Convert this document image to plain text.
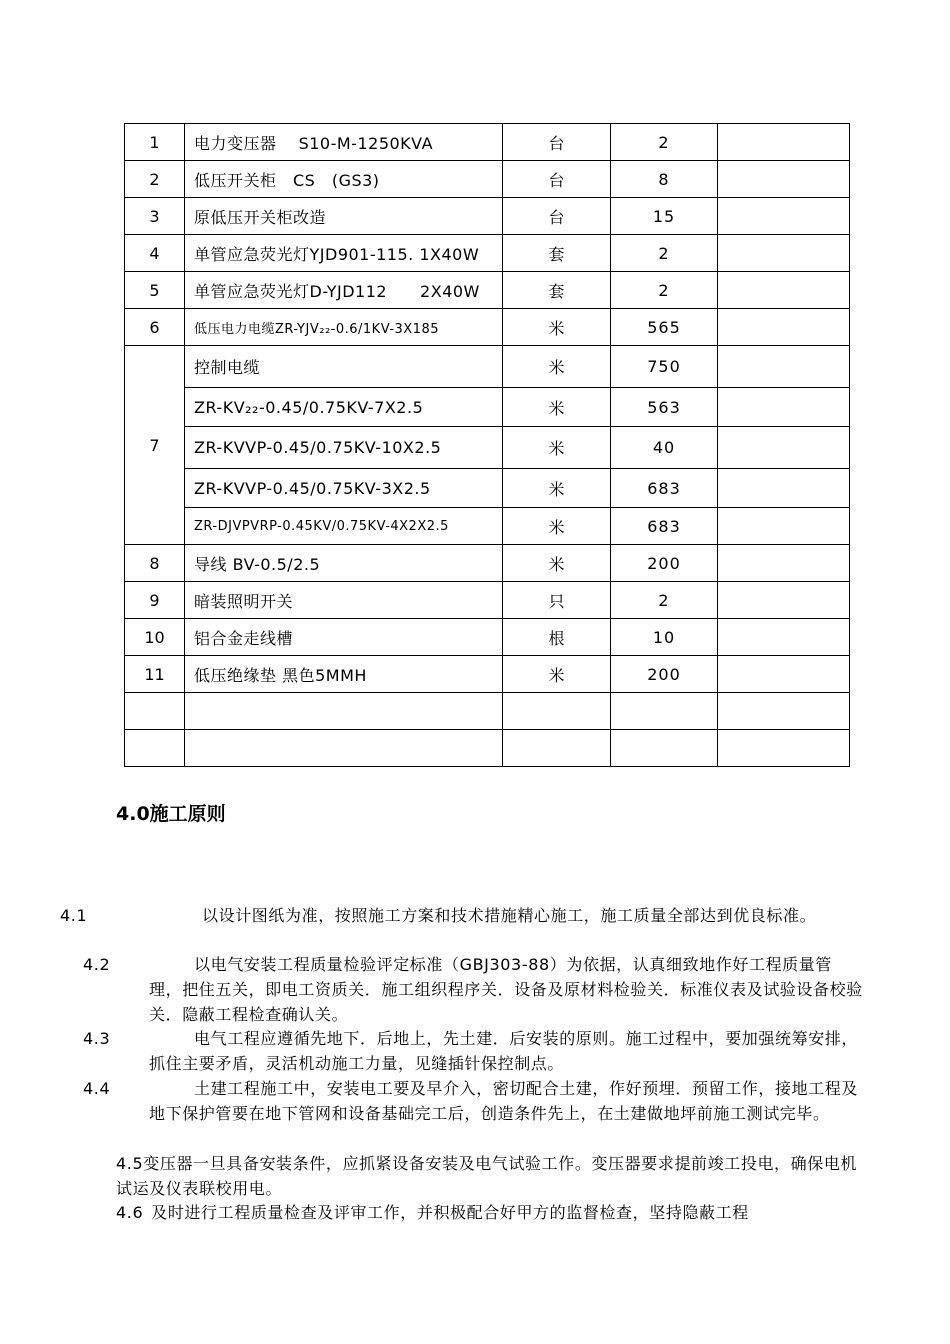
1	电力变压器　 S10-M-1250KVA	台	2	
2	低压开关柜　CS　(GS3)	台	8	
3	原低压开关柜改造	台	15	
4	单管应急荧光灯YJD901-115. 1X40W	套	2	
5	单管应急荧光灯D-YJD112　　2X40W	套	2	
6	低压电力电缆ZR-YJV₂₂-0.6/1KV-3X185	米	565	
7	控制电缆	米	750	
	ZR-KV₂₂-0.45/0.75KV-7X2.5	米	563	
	ZR-KVVP-0.45/0.75KV-10X2.5	米	40	
	ZR-KVVP-0.45/0.75KV-3X2.5	米	683	
	ZR-DJVPVRP-0.45KV/0.75KV-4X2X2.5	米	683	
8	导线 BV-0.5/2.5	米	200	
9	暗装照明开关	只	2	
10	铝合金走线槽	根	10	
11	低压绝缘垫 黑色5MMH	米	200	

4.0施工原则
4.1	以设计图纸为准，按照施工方案和技术措施精心施工，施工质量全部达到优良标准。
4.2	以电气安装工程质量检验评定标准（GBJ303-88）为依据，认真细致地作好工程质量管理，把住五关，即电工资质关．施工组织程序关．设备及原材料检验关．标准仪表及试验设备校验关．隐蔽工程检查确认关。
4.3	电气工程应遵循先地下．后地上，先土建．后安装的原则。施工过程中，要加强统筹安排，抓住主要矛盾，灵活机动施工力量，见缝插针保控制点。
4.4	土建工程施工中，安装电工要及早介入，密切配合土建，作好预埋．预留工作，接地工程及地下保护管要在地下管网和设备基础完工后，创造条件先上，在土建做地坪前施工测试完毕。
4.5变压器一旦具备安装条件，应抓紧设备安装及电气试验工作。变压器要求提前竣工投电，确保电机试运及仪表联校用电。
4.6 及时进行工程质量检查及评审工作，并积极配合好甲方的监督检查，坚持隐蔽工程
